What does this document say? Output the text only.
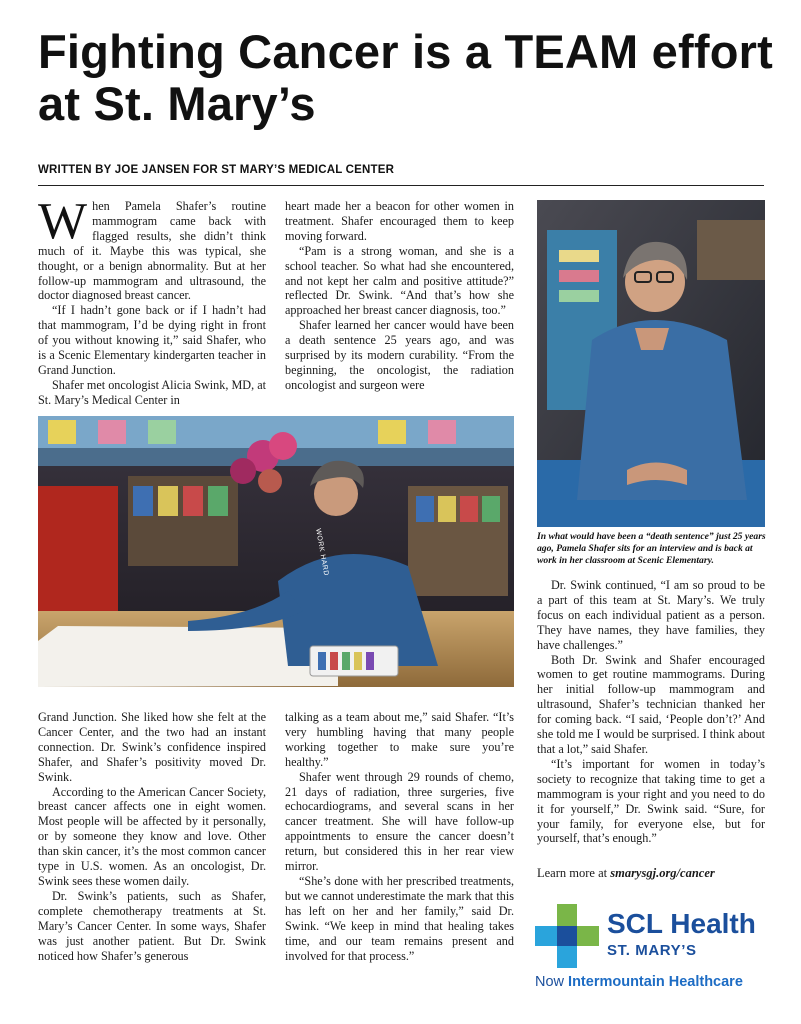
Fighting Cancer is a TEAM effort at St. Mary’s
WRITTEN BY JOE JANSEN FOR ST MARY’S MEDICAL CENTER

When Pamela Shafer’s routine mammogram came back with flagged results, she didn’t think much of it. Maybe this was typical, she thought, or a benign abnormality. But at her follow-up mammogram and ultrasound, the doctor diagnosed breast cancer.

“If I hadn’t gone back or if I hadn’t had that mammogram, I’d be dying right in front of you without knowing it,” said Shafer, who is a Scenic Elementary kindergarten teacher in Grand Junction.

Shafer met oncologist Alicia Swink, MD, at St. Mary’s Medical Center in

heart made her a beacon for other women in treatment. Shafer encouraged them to keep moving forward.

“Pam is a strong woman, and she is a school teacher. So what had she encountered, and not kept her calm and positive attitude?” reflected Dr. Swink. “And that’s how she approached her breast cancer diagnosis, too.”

Shafer learned her cancer would have been a death sentence 25 years ago, and was surprised by its modern curability. “From the beginning, the oncologist, the radiation oncologist and surgeon were

WORK HARD	In what would have been a “death sentence” just 25 years ago, Pamela Shafer sits for an interview and is back at work in her classroom at Scenic Elementary.

Grand Junction. She liked how she felt at the Cancer Center, and the two had an instant connection. Dr. Swink’s confidence inspired Shafer, and Shafer’s positivity moved Dr. Swink.

According to the American Cancer Society, breast cancer affects one in eight women. Most people will be affected by it personally, or by someone they know and love. Other than skin cancer, it’s the most common cancer type in U.S. women. As an oncologist, Dr. Swink sees these women daily.

Dr. Swink’s patients, such as Shafer, complete chemotherapy treatments at St. Mary’s Cancer Center. In some ways, Shafer was just another patient. But Dr. Swink noticed how Shafer’s generous

talking as a team about me,” said Shafer. “It’s very humbling having that many people working together to make sure you’re healthy.”

Shafer went through 29 rounds of chemo, 21 days of radiation, three surgeries, five echocardiograms, and several scans in her cancer treatment. She will have follow-up appointments to ensure the cancer doesn’t return, but considered this in her rear view mirror.

“She’s done with her prescribed treatments, but we cannot underestimate the mark that this has left on her and her family,” said Dr. Swink. “We keep in mind that healing takes time, and our team remains present and involved for that process.”

Dr. Swink continued, “I am so proud to be a part of this team at St. Mary’s. We truly focus on each individual patient as a person. They have names, they have families, they have challenges.”

Both Dr. Swink and Shafer encouraged women to get routine mammograms. During her initial follow-up mammogram and ultrasound, Shafer’s technician thanked her for coming back. “I said, ‘People don’t?’ And she told me I would be surprised. I think about that a lot,” said Shafer.

“It’s important for women in today’s society to recognize that taking time to get a mammogram is your right and you need to do it for yourself,” Dr. Swink said. “Sure, for your family, for everyone else, but for yourself, that’s enough.”

Learn more at smarysgj.org/cancer
SCL Health
ST. MARY’S
Now Intermountain Healthcare
